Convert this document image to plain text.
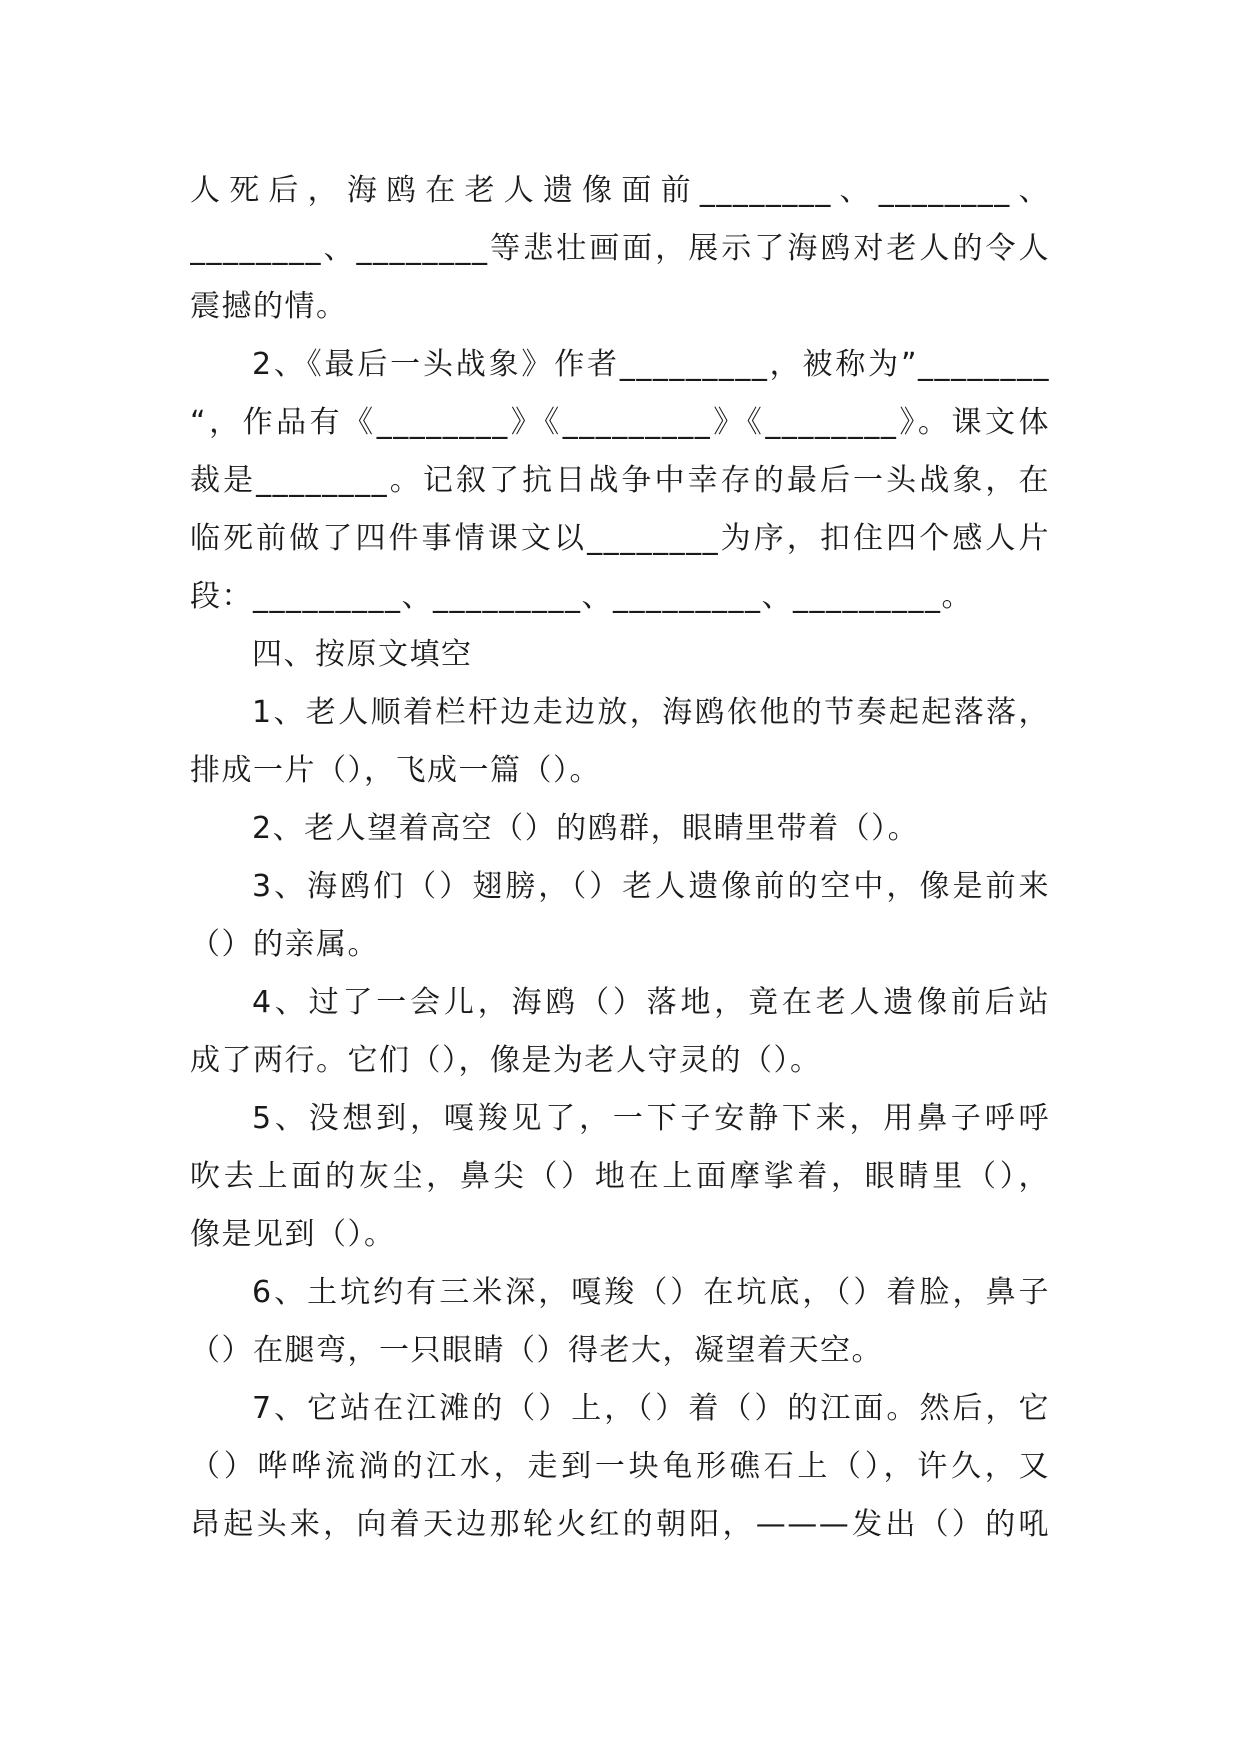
人死后，海鸥在老人遗像面前________、________、
________、________等悲壮画面，展示了海鸥对老人的令人
震撼的情。
2、《最后一头战象》作者_________，被称为”________
“，作品有《________》《_________》《________》。课文体
裁是________。记叙了抗日战争中幸存的最后一头战象，在
临死前做了四件事情课文以________为序，扣住四个感人片
段：_________、_________、_________、_________。
四、按原文填空
1、老人顺着栏杆边走边放，海鸥依他的节奏起起落落，
排成一片（），飞成一篇（）。
2、老人望着高空（）的鸥群，眼睛里带着（）。
3、海鸥们（）翅膀，（）老人遗像前的空中，像是前来
（）的亲属。
4、过了一会儿，海鸥（）落地，竟在老人遗像前后站
成了两行。它们（），像是为老人守灵的（）。
5、没想到，嘎羧见了，一下子安静下来，用鼻子呼呼
吹去上面的灰尘，鼻尖（）地在上面摩挲着，眼睛里（），
像是见到（）。
6、土坑约有三米深，嘎羧（）在坑底，（）着脸，鼻子
（）在腿弯，一只眼睛（）得老大，凝望着天空。
7、它站在江滩的（）上，（）着（）的江面。然后，它
（）哗哗流淌的江水，走到一块龟形礁石上（），许久，又
昂起头来，向着天边那轮火红的朝阳，———发出（）的吼
